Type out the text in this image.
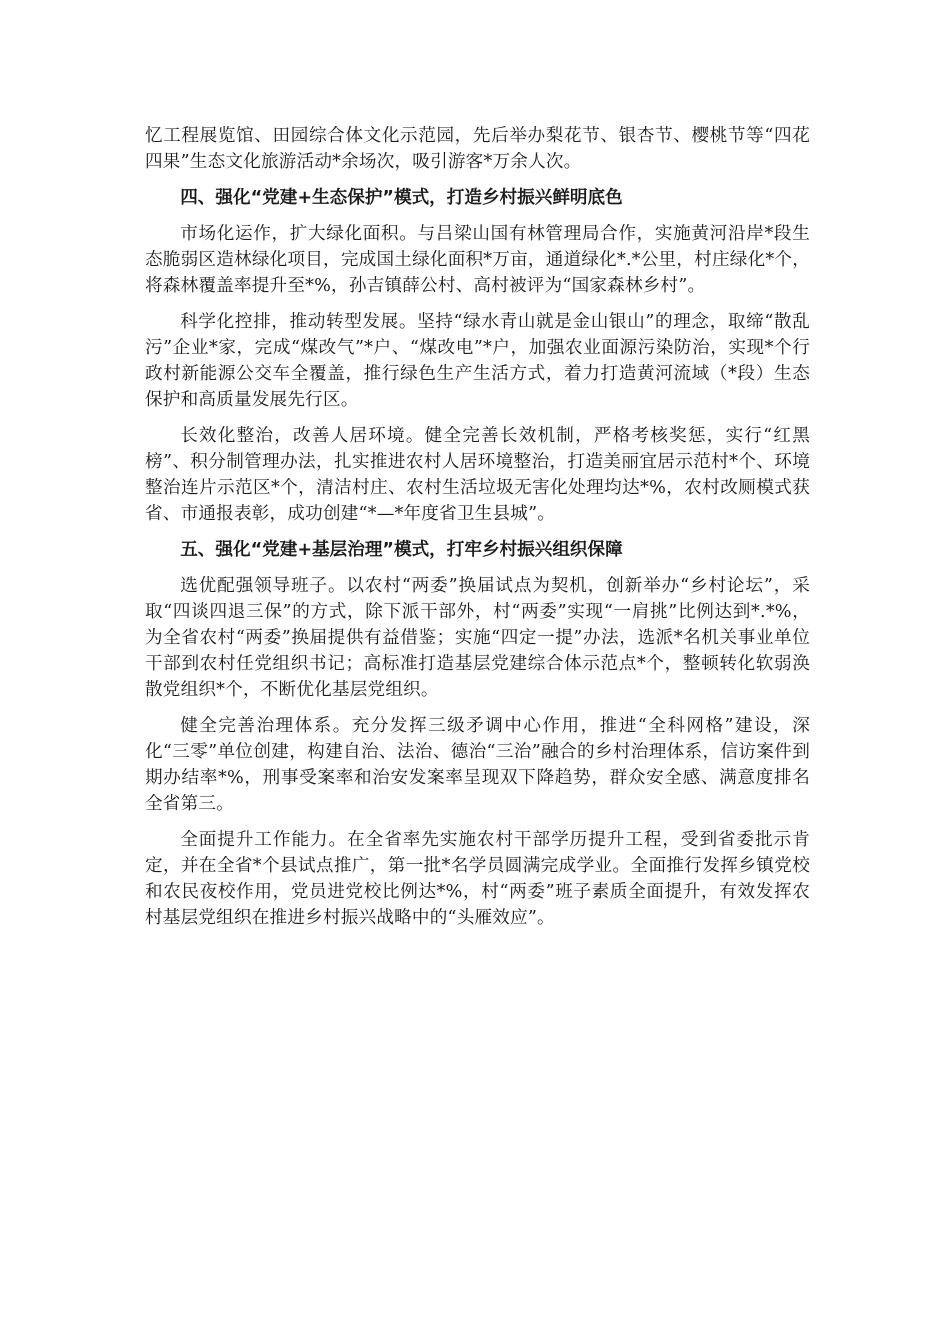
忆工程展览馆、田园综合体文化示范园，先后举办梨花节、银杏节、樱桃节等“四花四果”生态文化旅游活动*余场次，吸引游客*万余人次。

四、强化“党建+生态保护”模式，打造乡村振兴鲜明底色

市场化运作，扩大绿化面积。与吕梁山国有林管理局合作，实施黄河沿岸*段生态脆弱区造林绿化项目，完成国土绿化面积*万亩，通道绿化*.*公里，村庄绿化*个，将森林覆盖率提升至*%，孙吉镇薛公村、高村被评为“国家森林乡村”。

科学化控排，推动转型发展。坚持“绿水青山就是金山银山”的理念，取缔“散乱污”企业*家，完成“煤改气”*户、“煤改电”*户，加强农业面源污染防治，实现*个行政村新能源公交车全覆盖，推行绿色生产生活方式，着力打造黄河流域（*段）生态保护和高质量发展先行区。

长效化整治，改善人居环境。健全完善长效机制，严格考核奖惩，实行“红黑榜”、积分制管理办法，扎实推进农村人居环境整治，打造美丽宜居示范村*个、环境整治连片示范区*个，清洁村庄、农村生活垃圾无害化处理均达*%，农村改厕模式获省、市通报表彰，成功创建“*—*年度省卫生县城”。

五、强化“党建+基层治理”模式，打牢乡村振兴组织保障

选优配强领导班子。以农村“两委”换届试点为契机，创新举办“乡村论坛”，采取“四谈四退三保”的方式，除下派干部外，村“两委”实现“一肩挑”比例达到*.*%，为全省农村“两委”换届提供有益借鉴；实施“四定一提”办法，选派*名机关事业单位干部到农村任党组织书记；高标准打造基层党建综合体示范点*个，整顿转化软弱涣散党组织*个，不断优化基层党组织。

健全完善治理体系。充分发挥三级矛调中心作用，推进“全科网格”建设，深化“三零”单位创建，构建自治、法治、德治“三治”融合的乡村治理体系，信访案件到期办结率*%，刑事受案率和治安发案率呈现双下降趋势，群众安全感、满意度排名全省第三。

全面提升工作能力。在全省率先实施农村干部学历提升工程，受到省委批示肯定，并在全省*个县试点推广，第一批*名学员圆满完成学业。全面推行发挥乡镇党校和农民夜校作用，党员进党校比例达*%，村“两委”班子素质全面提升，有效发挥农村基层党组织在推进乡村振兴战略中的“头雁效应”。
